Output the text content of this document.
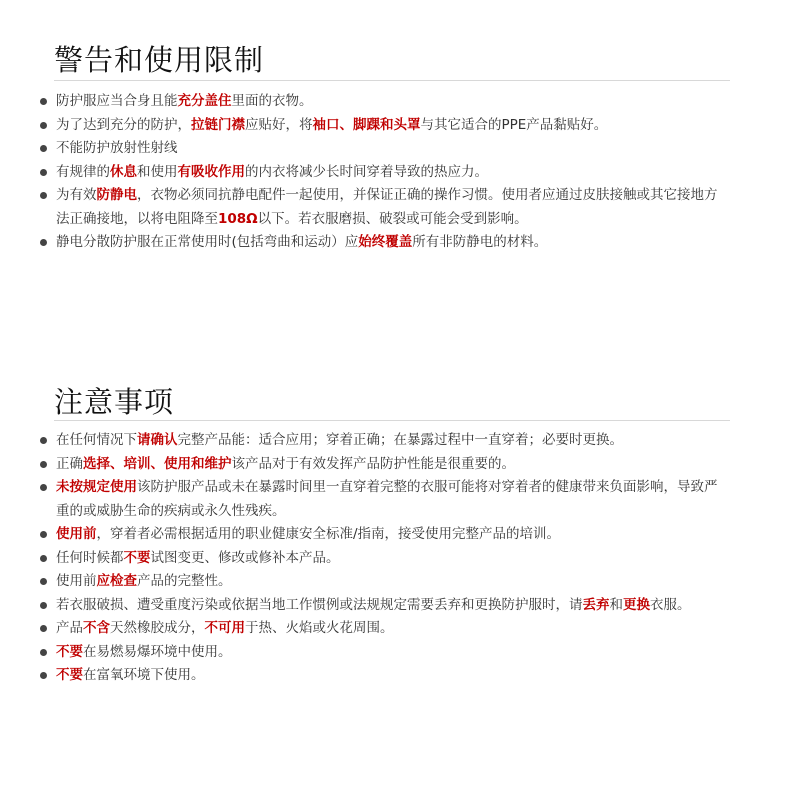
警告和使用限制
防护服应当合身且能充分盖住里面的衣物。
为了达到充分的防护，拉链门襟应贴好，将袖口、脚踝和头罩与其它适合的PPE产品黏贴好。
不能防护放射性射线
有规律的休息和使用有吸收作用的内衣将减少长时间穿着导致的热应力。
为有效防静电，衣物必须同抗静电配件一起使用，并保证正确的操作习惯。使用者应通过皮肤接触或其它接地方法正确接地，以将电阻降至108Ω以下。若衣服磨损、破裂或可能会受到影响。
静电分散防护服在正常使用时(包括弯曲和运动）应始终覆盖所有非防静电的材料。
注意事项
在任何情况下请确认完整产品能：适合应用；穿着正确；在暴露过程中一直穿着；必要时更换。
正确选择、培训、使用和维护该产品对于有效发挥产品防护性能是很重要的。
未按规定使用该防护服产品或未在暴露时间里一直穿着完整的衣服可能将对穿着者的健康带来负面影响，导致严重的或威胁生命的疾病或永久性残疾。
使用前，穿着者必需根据适用的职业健康安全标准/指南，接受使用完整产品的培训。
任何时候都不要试图变更、修改或修补本产品。
使用前应检查产品的完整性。
若衣服破损、遭受重度污染或依据当地工作惯例或法规规定需要丢弃和更换防护服时，请丢弃和更换衣服。
产品不含天然橡胶成分，不可用于热、火焰或火花周围。
不要在易燃易爆环境中使用。
不要在富氧环境下使用。
